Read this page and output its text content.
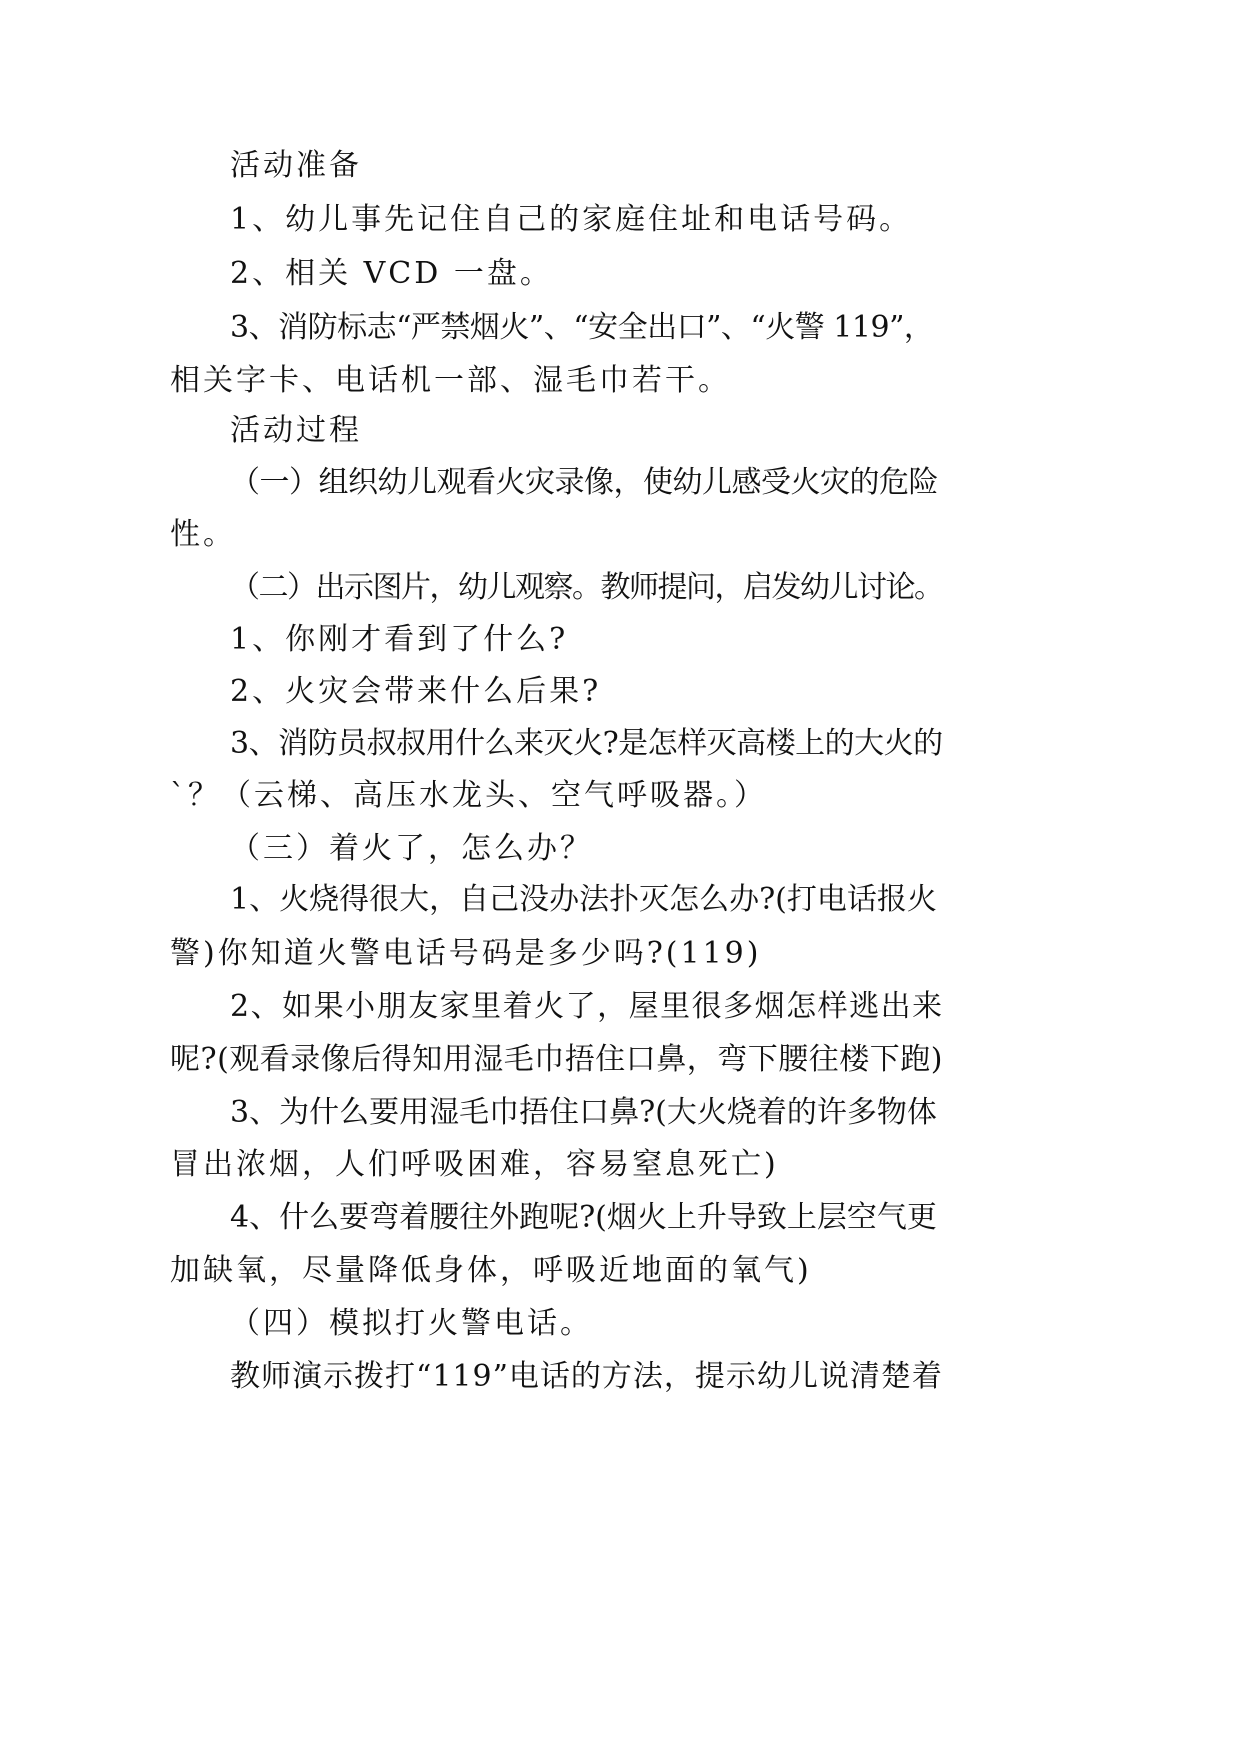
活动准备

1、幼儿事先记住自己的家庭住址和电话号码。

2、相关 VCD 一盘。

3、消防标志“严禁烟火”、“安全出口”、“火警 119”，

相关字卡、电话机一部、湿毛巾若干。

活动过程

（一）组织幼儿观看火灾录像，使幼儿感受火灾的危险

性。

（二）出示图片，幼儿观察。教师提问，启发幼儿讨论。

1、你刚才看到了什么?

2、火灾会带来什么后果?

3、消防员叔叔用什么来灭火?是怎样灭高楼上的大火的

`？（云梯、高压水龙头、空气呼吸器。）

（三）着火了，怎么办？

1、火烧得很大，自己没办法扑灭怎么办?(打电话报火

警)你知道火警电话号码是多少吗?(119)

2、如果小朋友家里着火了，屋里很多烟怎样逃出来

呢?(观看录像后得知用湿毛巾捂住口鼻，弯下腰往楼下跑)

3、为什么要用湿毛巾捂住口鼻?(大火烧着的许多物体

冒出浓烟，人们呼吸困难，容易窒息死亡)

4、什么要弯着腰往外跑呢?(烟火上升导致上层空气更

加缺氧，尽量降低身体，呼吸近地面的氧气)

（四）模拟打火警电话。

教师演示拨打“119”电话的方法，提示幼儿说清楚着
